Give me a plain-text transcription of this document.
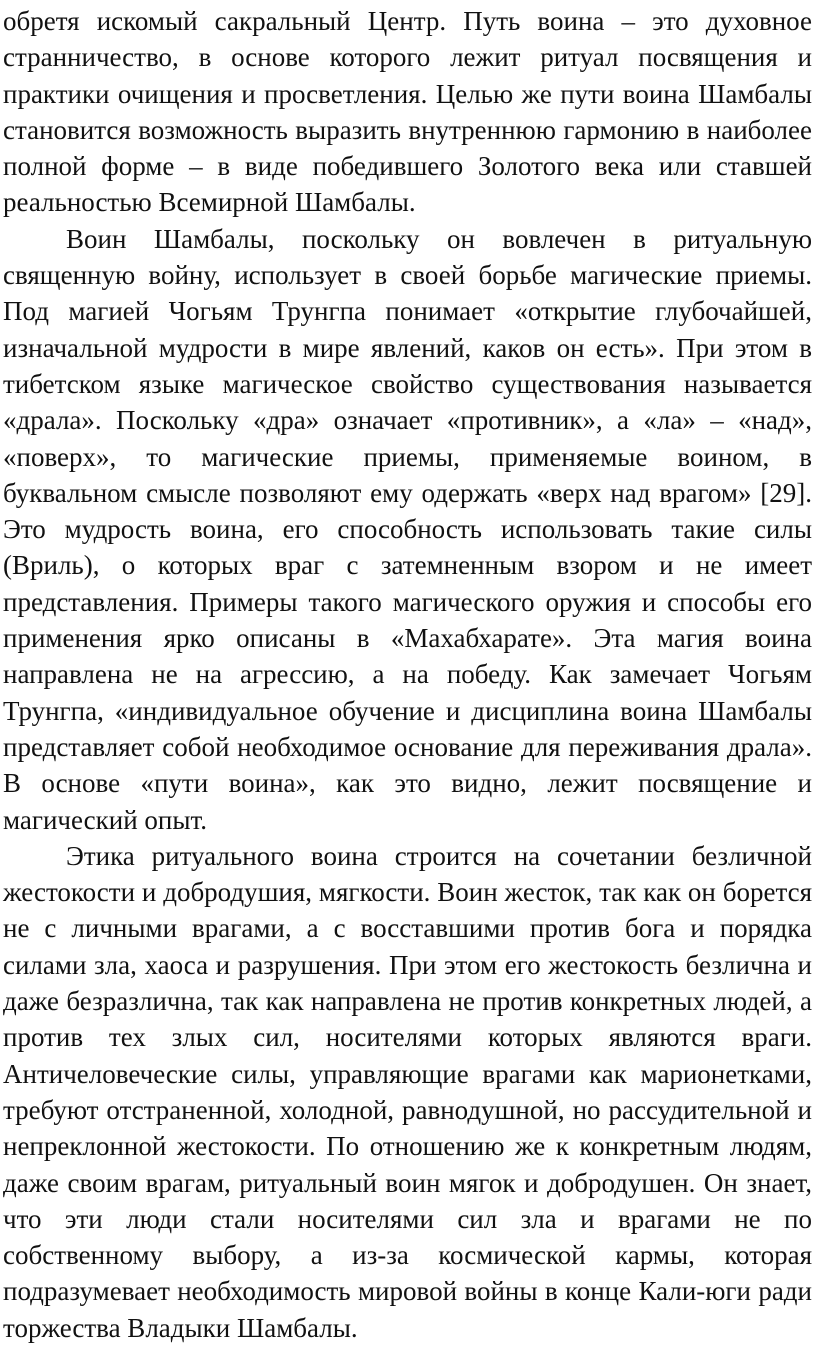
обретя искомый сакральный Центр. Путь воина – это духовное странничество, в основе которого лежит ритуал посвящения и практики очищения и просветления. Целью же пути воина Шамбалы становится возможность выразить внутреннюю гармонию в наиболее полной форме – в виде победившего Золотого века или ставшей реальностью Всемирной Шамбалы.

Воин Шамбалы, поскольку он вовлечен в ритуальную священную войну, использует в своей борьбе магические приемы. Под магией Чогьям Трунгпа понимает «открытие глубочайшей, изначальной мудрости в мире явлений, каков он есть». При этом в тибетском языке магическое свойство существования называется «драла». Поскольку «дра» означает «противник», а «ла» – «над», «поверх», то магические приемы, применяемые воином, в буквальном смысле позволяют ему одержать «верх над врагом» [29]. Это мудрость воина, его способность использовать такие силы (Вриль), о которых враг с затемненным взором и не имеет представления. Примеры такого магического оружия и способы его применения ярко описаны в «Махабхарате». Эта магия воина направлена не на агрессию, а на победу. Как замечает Чогьям Трунгпа, «индивидуальное обучение и дисциплина воина Шамбалы представляет собой необходимое основание для переживания драла». В основе «пути воина», как это видно, лежит посвящение и магический опыт.

Этика ритуального воина строится на сочетании безличной жестокости и добродушия, мягкости. Воин жесток, так как он борется не с личными врагами, а с восставшими против бога и порядка силами зла, хаоса и разрушения. При этом его жестокость безлична и даже безразлична, так как направлена не против конкретных людей, а против тех злых сил, носителями которых являются враги. Античеловеческие силы, управляющие врагами как марионетками, требуют отстраненной, холодной, равнодушной, но рассудительной и непреклонной жестокости. По отношению же к конкретным людям, даже своим врагам, ритуальный воин мягок и добродушен. Он знает, что эти люди стали носителями сил зла и врагами не по собственному выбору, а из-за космической кармы, которая подразумевает необходимость мировой войны в конце Кали-юги ради торжества Владыки Шамбалы.
